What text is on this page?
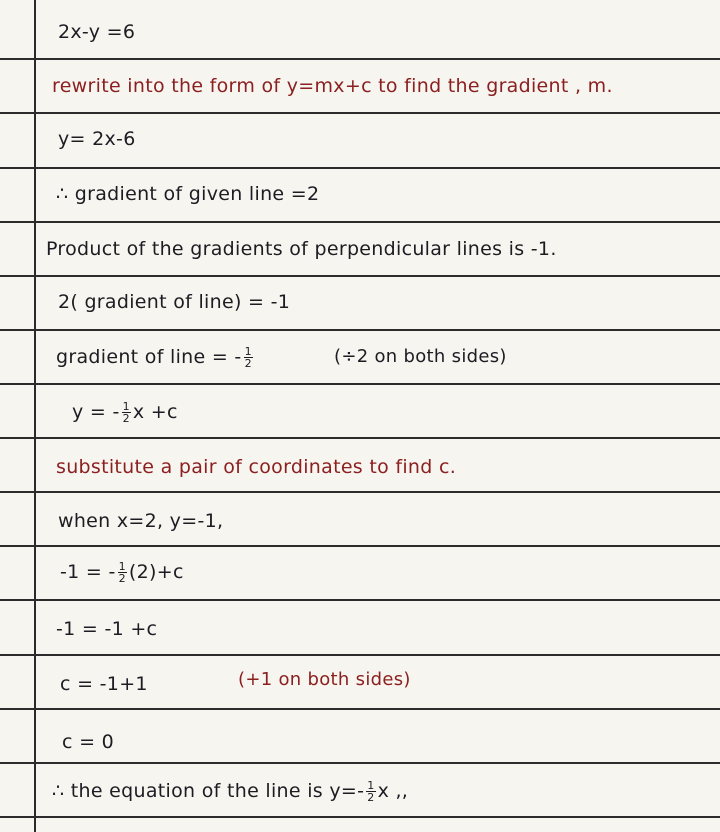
2x-y =6
rewrite into the form of y=mx+c to find the gradient , m.
y= 2x-6
∴ gradient of given line =2
Product of the gradients of perpendicular lines is -1.
2( gradient of line) = -1
gradient of line = - $\frac{1}{2}$	(÷2 on both sides)
y = - $\frac{1}{2}$ x +c
substitute a pair of coordinates to find c.
when x=2, y=-1,
-1 = - $\frac{1}{2} (2)+c$
-1 = -1 +c
c = -1+1	(+1 on both sides)
c = 0
∴ the equation of the line is $y=- \frac{1}{2}$ x ,,
